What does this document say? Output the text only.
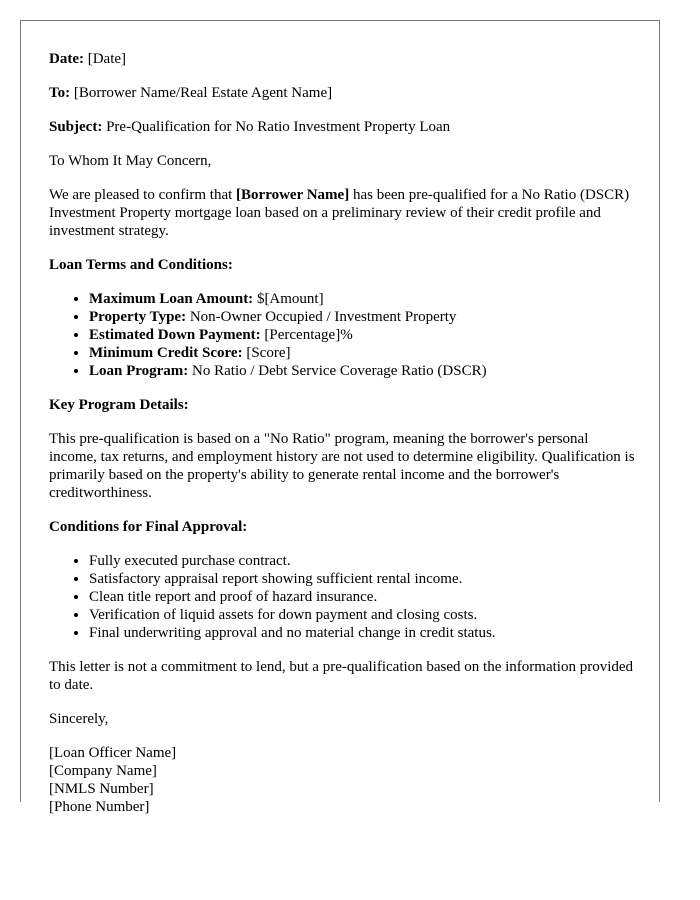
Date: [Date]

To: [Borrower Name/Real Estate Agent Name]

Subject: Pre-Qualification for No Ratio Investment Property Loan

To Whom It May Concern,

We are pleased to confirm that [Borrower Name] has been pre-qualified for a No Ratio (DSCR) Investment Property mortgage loan based on a preliminary review of their credit profile and investment strategy.

Loan Terms and Conditions:
• Maximum Loan Amount: $[Amount]
• Property Type: Non-Owner Occupied / Investment Property
• Estimated Down Payment: [Percentage]%
• Minimum Credit Score: [Score]
• Loan Program: No Ratio / Debt Service Coverage Ratio (DSCR)
Key Program Details:

This pre-qualification is based on a "No Ratio" program, meaning the borrower's personal income, tax returns, and employment history are not used to determine eligibility. Qualification is primarily based on the property's ability to generate rental income and the borrower's creditworthiness.

Conditions for Final Approval:
• Fully executed purchase contract.
• Satisfactory appraisal report showing sufficient rental income.
• Clean title report and proof of hazard insurance.
• Verification of liquid assets for down payment and closing costs.
• Final underwriting approval and no material change in credit status.

This letter is not a commitment to lend, but a pre-qualification based on the information provided to date.

Sincerely,

[Loan Officer Name]
[Company Name]
[NMLS Number]
[Phone Number]
